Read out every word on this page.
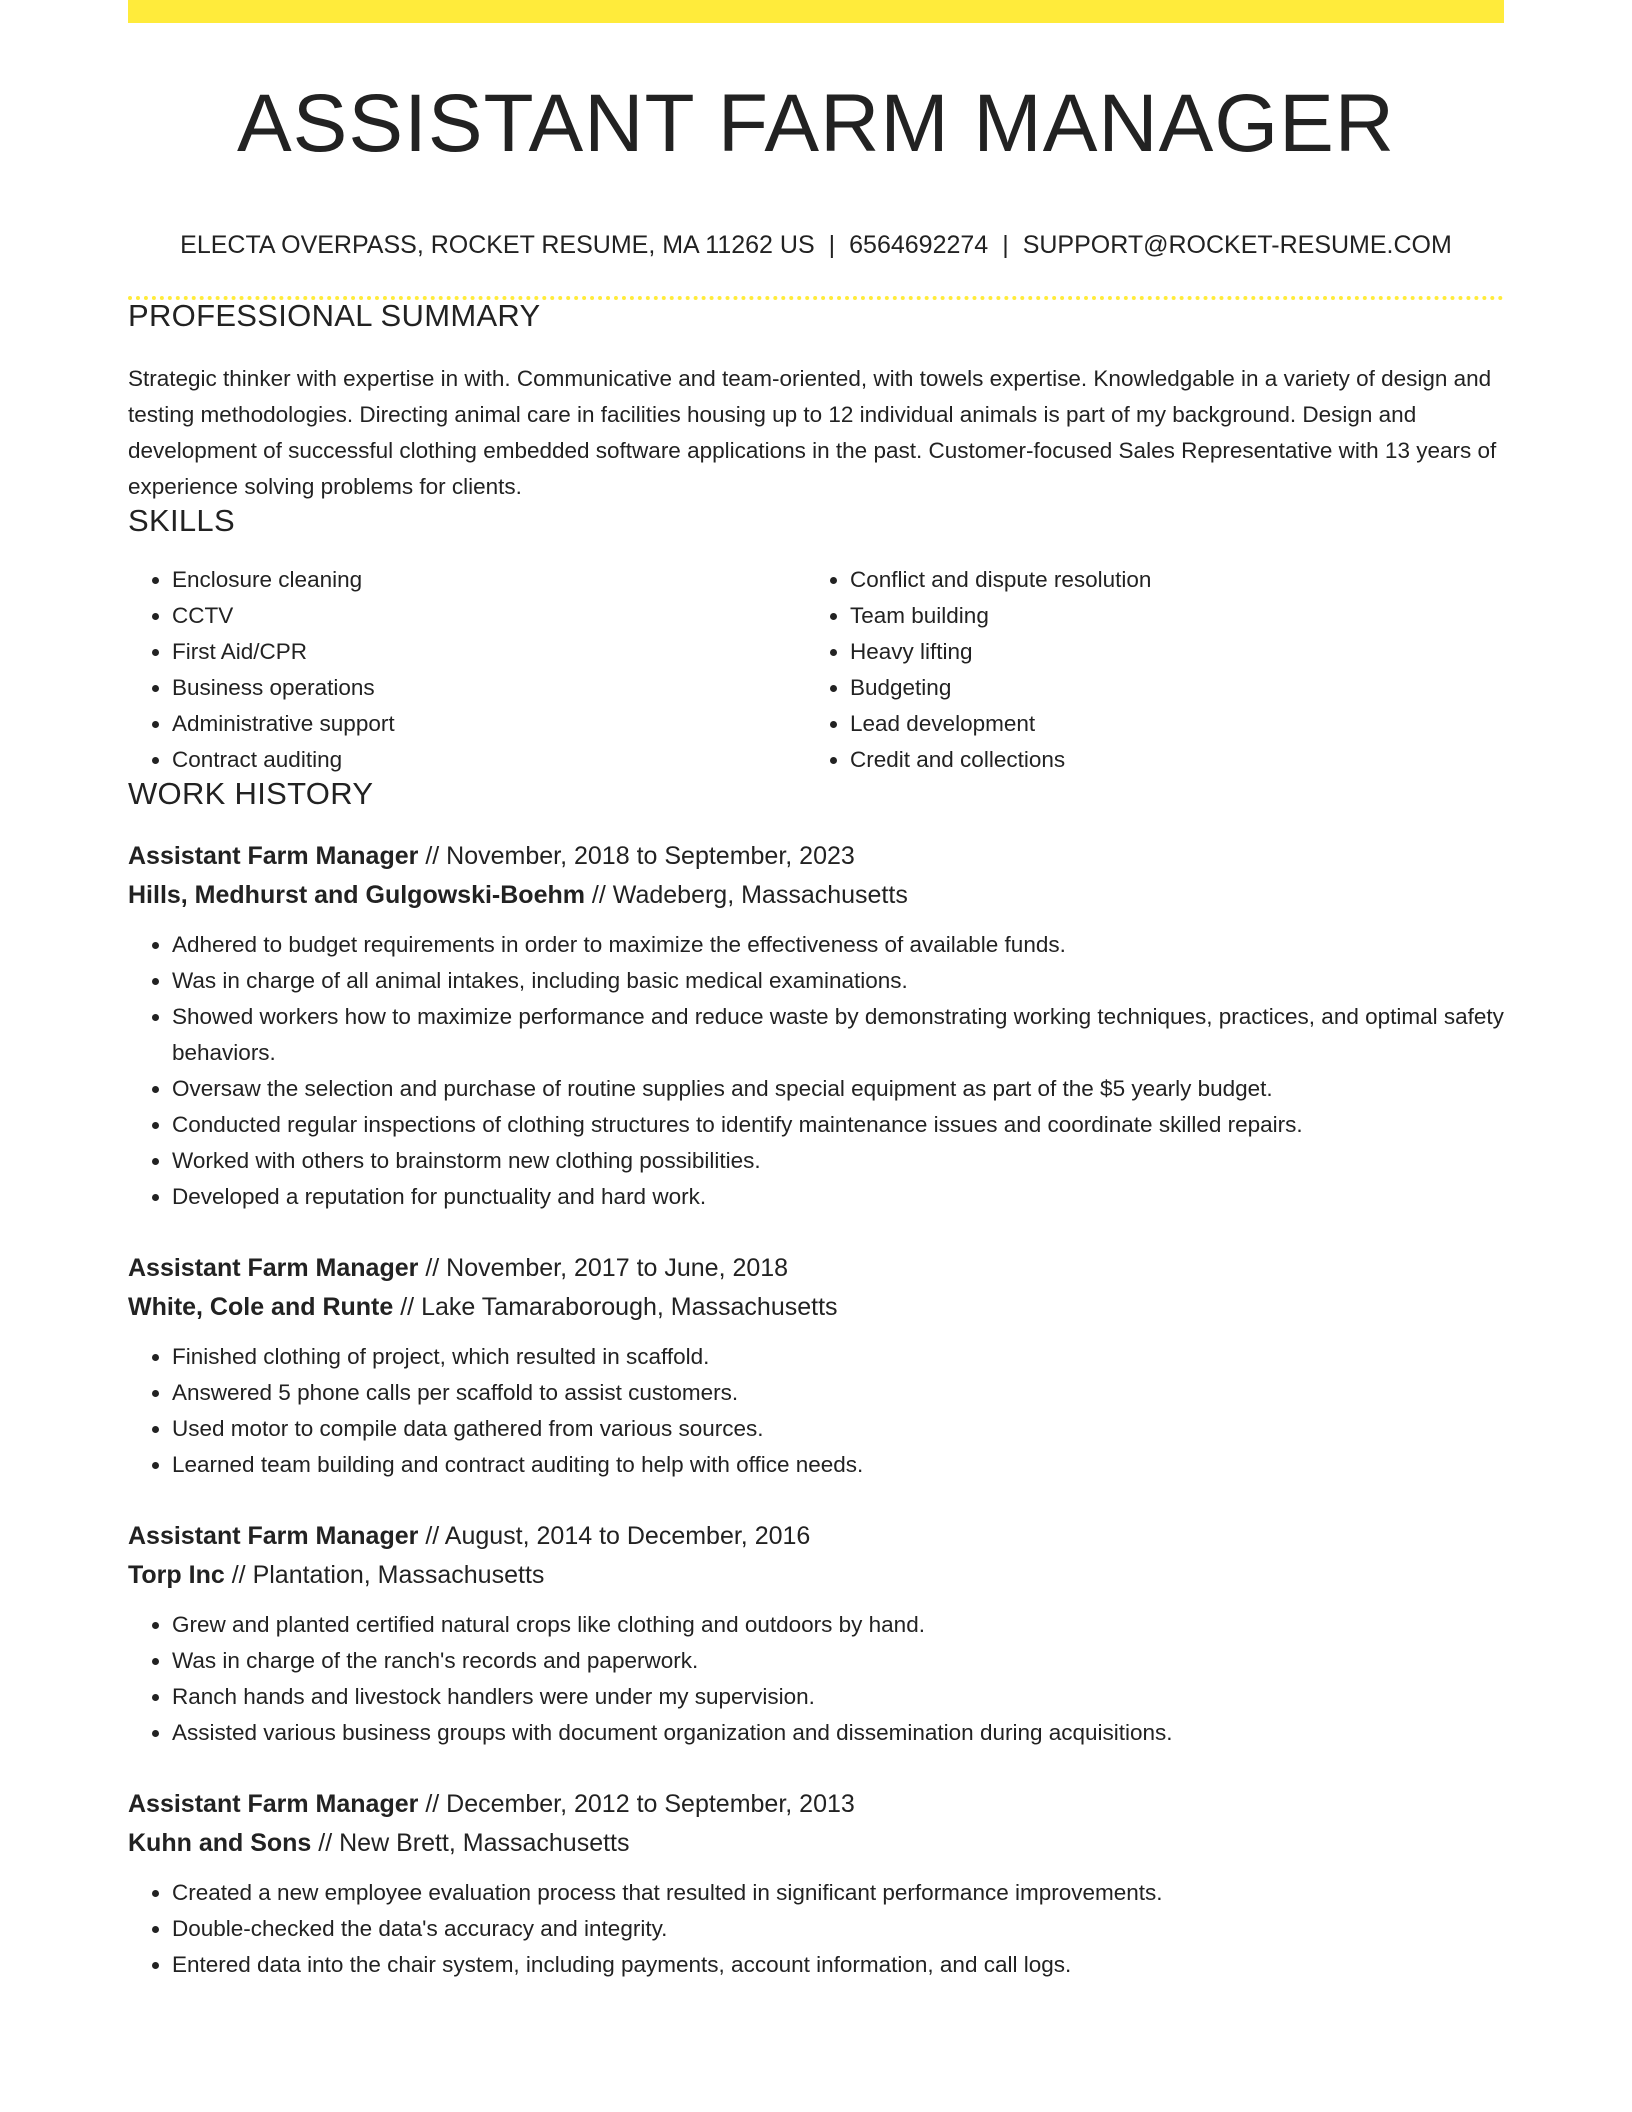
ASSISTANT FARM MANAGER
ELECTA OVERPASS, ROCKET RESUME, MA 11262 US | 6564692274 | SUPPORT@ROCKET-RESUME.COM
PROFESSIONAL SUMMARY

Strategic thinker with expertise in with. Communicative and team-oriented, with towels expertise. Knowledgable in a variety of design and testing methodologies. Directing animal care in facilities housing up to 12 individual animals is part of my background. Design and development of successful clothing embedded software applications in the past. Customer-focused Sales Representative with 13 years of experience solving problems for clients.

SKILLS
• Enclosure cleaning
• CCTV
• First Aid/CPR
• Business operations
• Administrative support
• Contract auditing
• Conflict and dispute resolution
• Team building
• Heavy lifting
• Budgeting
• Lead development
• Credit and collections
WORK HISTORY
Assistant Farm Manager // November, 2018 to September, 2023
Hills, Medhurst and Gulgowski-Boehm // Wadeberg, Massachusetts
• Adhered to budget requirements in order to maximize the effectiveness of available funds.
• Was in charge of all animal intakes, including basic medical examinations.
• Showed workers how to maximize performance and reduce waste by demonstrating working techniques, practices, and optimal safety behaviors.
• Oversaw the selection and purchase of routine supplies and special equipment as part of the $5 yearly budget.
• Conducted regular inspections of clothing structures to identify maintenance issues and coordinate skilled repairs.
• Worked with others to brainstorm new clothing possibilities.
• Developed a reputation for punctuality and hard work.
Assistant Farm Manager // November, 2017 to June, 2018
White, Cole and Runte // Lake Tamaraborough, Massachusetts
• Finished clothing of project, which resulted in scaffold.
• Answered 5 phone calls per scaffold to assist customers.
• Used motor to compile data gathered from various sources.
• Learned team building and contract auditing to help with office needs.
Assistant Farm Manager // August, 2014 to December, 2016
Torp Inc // Plantation, Massachusetts
• Grew and planted certified natural crops like clothing and outdoors by hand.
• Was in charge of the ranch's records and paperwork.
• Ranch hands and livestock handlers were under my supervision.
• Assisted various business groups with document organization and dissemination during acquisitions.
Assistant Farm Manager // December, 2012 to September, 2013
Kuhn and Sons // New Brett, Massachusetts
• Created a new employee evaluation process that resulted in significant performance improvements.
• Double-checked the data's accuracy and integrity.
• Entered data into the chair system, including payments, account information, and call logs.
